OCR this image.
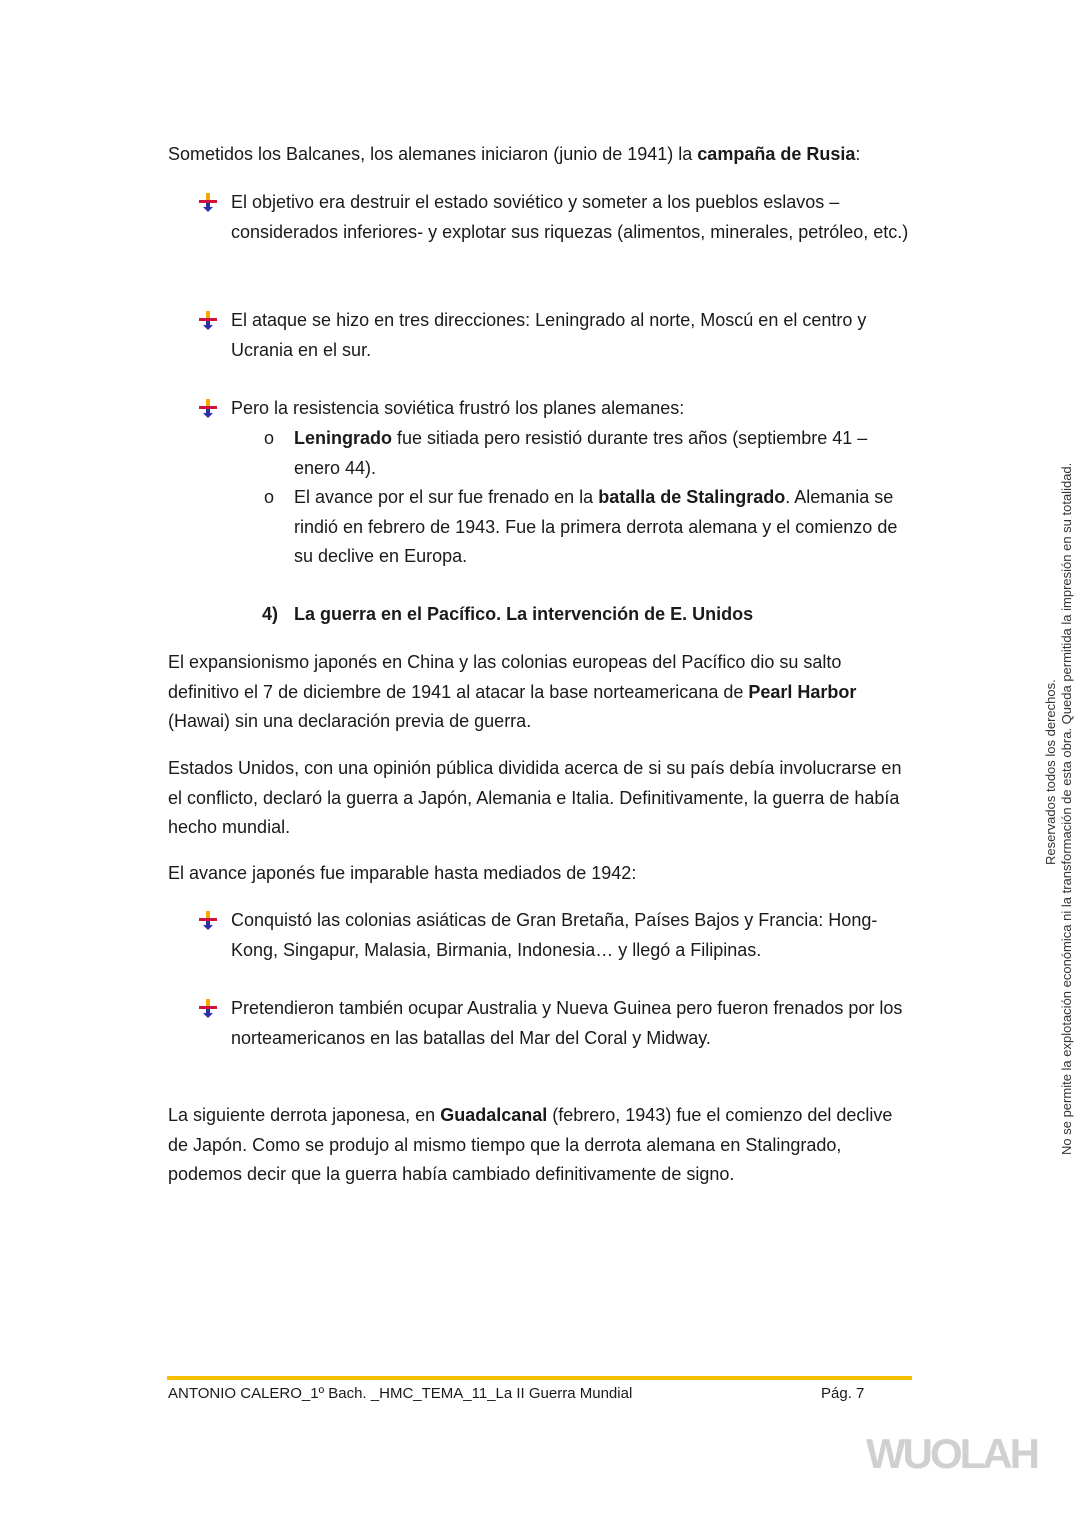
Sometidos los Balcanes, los alemanes iniciaron (junio de 1941) la campaña de Rusia:

El objetivo era destruir el estado soviético y someter a los pueblos eslavos –considerados inferiores- y explotar sus riquezas (alimentos, minerales, petróleo, etc.)
El ataque se hizo en tres direcciones: Leningrado al norte, Moscú en el centro y Ucrania en el sur.
Pero la resistencia soviética frustró los planes alemanes:
o Leningrado fue sitiada pero resistió durante tres años (septiembre 41 – enero 44).
o El avance por el sur fue frenado en la batalla de Stalingrado. Alemania se rindió en febrero de 1943. Fue la primera derrota alemana y el comienzo de su declive en Europa.
4) La guerra en el Pacífico. La intervención de E. Unidos

El expansionismo japonés en China y las colonias europeas del Pacífico dio su salto definitivo el 7 de diciembre de 1941 al atacar la base norteamericana de Pearl Harbor (Hawai) sin una declaración previa de guerra.

Estados Unidos, con una opinión pública dividida acerca de si su país debía involucrarse en el conflicto, declaró la guerra a Japón, Alemania e Italia. Definitivamente, la guerra de había hecho mundial.

El avance japonés fue imparable hasta mediados de 1942:

Conquistó las colonias asiáticas de Gran Bretaña, Países Bajos y Francia: Hong-Kong, Singapur, Malasia, Birmania, Indonesia… y llegó a Filipinas.
Pretendieron también ocupar Australia y Nueva Guinea pero fueron frenados por los norteamericanos en las batallas del Mar del Coral y Midway.

La siguiente derrota japonesa, en Guadalcanal (febrero, 1943) fue el comienzo del declive de Japón. Como se produjo al mismo tiempo que la derrota alemana en Stalingrado, podemos decir que la guerra había cambiado definitivamente de signo.

ANTONIO CALERO_1º Bach. _HMC_TEMA_11_La II Guerra Mundial	Pág. 7
Reservados todos los derechos. No se permite la explotación económica ni la transformación de esta obra. Queda permitida la impresión en su totalidad.
WUOLAH
